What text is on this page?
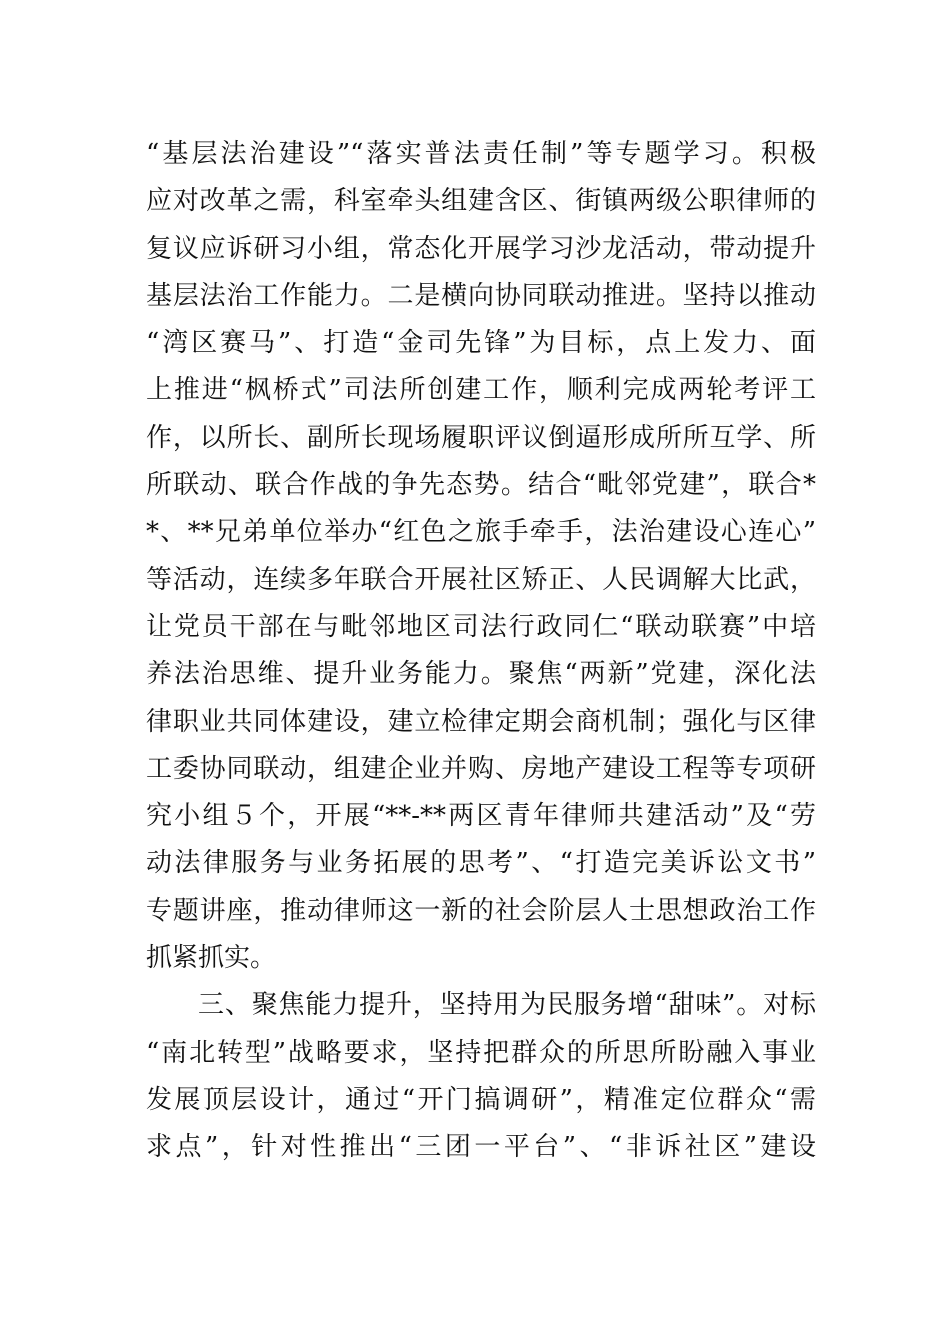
“基层法治建设”“落实普法责任制”等专题学习。积极
应对改革之需，科室牵头组建含区、街镇两级公职律师的
复议应诉研习小组，常态化开展学习沙龙活动，带动提升
基层法治工作能力。二是横向协同联动推进。坚持以推动
“湾区赛马”、打造“金司先锋”为目标，点上发力、面
上推进“枫桥式”司法所创建工作，顺利完成两轮考评工
作，以所长、副所长现场履职评议倒逼形成所所互学、所
所联动、联合作战的争先态势。结合“毗邻党建”，联合*
*、**兄弟单位举办“红色之旅手牵手，法治建设心连心”
等活动，连续多年联合开展社区矫正、人民调解大比武，
让党员干部在与毗邻地区司法行政同仁“联动联赛”中培
养法治思维、提升业务能力。聚焦“两新”党建，深化法
律职业共同体建设，建立检律定期会商机制；强化与区律
工委协同联动，组建企业并购、房地产建设工程等专项研
究小组５个，开展“**-**两区青年律师共建活动”及“劳
动法律服务与业务拓展的思考”、“打造完美诉讼文书”
专题讲座，推动律师这一新的社会阶层人士思想政治工作
抓紧抓实。
三、聚焦能力提升，坚持用为民服务增“甜味”。对标
“南北转型”战略要求，坚持把群众的所思所盼融入事业
发展顶层设计，通过“开门搞调研”，精准定位群众“需
求点”，针对性推出“三团一平台”、“非诉社区”建设
